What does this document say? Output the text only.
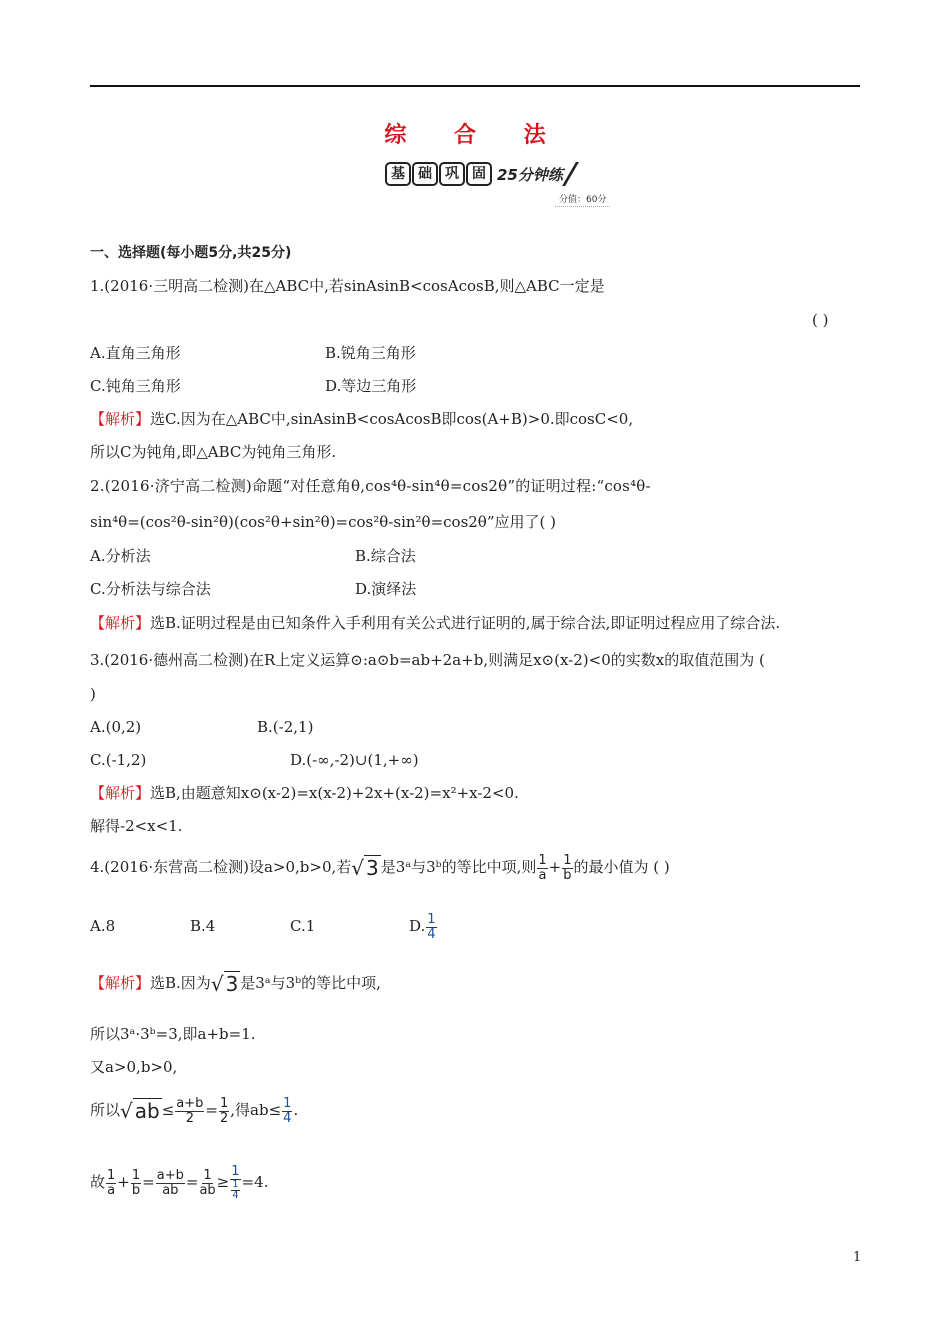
综 合 法
基 础 巩 固 25分钟练
分值：60分
一、选择题(每小题5分,共25分)
1.(2016·三明高二检测)在△ABC中,若sinAsinB<cosAcosB,则△ABC一定是
( )
A.直角三角形	B.锐角三角形
C.钝角三角形	D.等边三角形
【解析】选C.因为在△ABC中,sinAsinB<cosAcosB即cos(A+B)>0.即cosC<0,
所以C为钝角,即△ABC为钝角三角形.
2.(2016·济宁高二检测)命题“对任意角θ,cos⁴θ-sin⁴θ=cos2θ”的证明过程:“cos⁴θ-
sin⁴θ=(cos²θ-sin²θ)(cos²θ+sin²θ)=cos²θ-sin²θ=cos2θ”应用了( )
A.分析法	B.综合法
C.分析法与综合法	D.演绎法
【解析】选B.证明过程是由已知条件入手利用有关公式进行证明的,属于综合法,即证明过程应用了综合法.
3.(2016·德州高二检测)在R上定义运算⊙:a⊙b=ab+2a+b,则满足x⊙(x-2)<0的实数x的取值范围为 (
)
A.(0,2)	B.(-2,1)
C.(-1,2)	D.(-∞,-2)∪(1,+∞)
【解析】选B,由题意知x⊙(x-2)=x(x-2)+2x+(x-2)=x²+x-2<0.
解得-2<x<1.
4.(2016·东营高二检测)设a>0,b>0,若√ 3 是3ᵃ与3ᵇ的等比中项,则 $\frac{1}{a} + \frac{1}{b}$ 的最小值为 ( )
A.8	B.4	C.1	D. $\frac{1}{4}$
【解析】选B.因为√ 3 是3ᵃ与3ᵇ的等比中项,
所以3ᵃ·3ᵇ=3,即a+b=1.
又a>0,b>0,
所以√ ab ≤ $\frac{a+b}{2} = \frac{1}{2}$ ,得$ab\le \frac{1}{4}$ .
故 $\frac{1}{a} + \frac{1}{b} = \frac{a+b}{ab} = \frac{1}{ab} \ge \frac{1}{\frac{1}{4}} =4$.
1
